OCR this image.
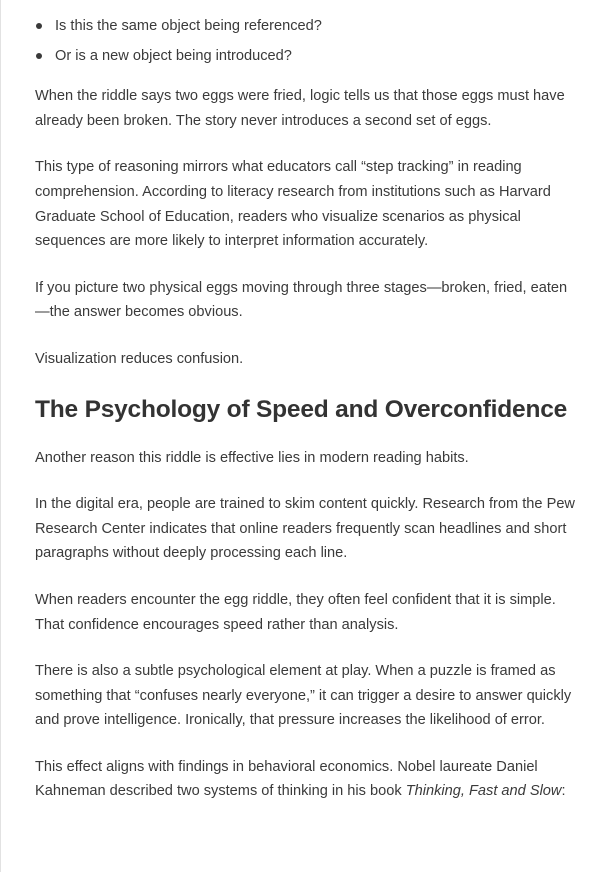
Is this the same object being referenced?
Or is a new object being introduced?

When the riddle says two eggs were fried, logic tells us that those eggs must have already been broken. The story never introduces a second set of eggs.

This type of reasoning mirrors what educators call “step tracking” in reading comprehension. According to literacy research from institutions such as Harvard Graduate School of Education, readers who visualize scenarios as physical sequences are more likely to interpret information accurately.

If you picture two physical eggs moving through three stages—broken, fried, eaten—the answer becomes obvious.

Visualization reduces confusion.

The Psychology of Speed and Overconfidence

Another reason this riddle is effective lies in modern reading habits.

In the digital era, people are trained to skim content quickly. Research from the Pew Research Center indicates that online readers frequently scan headlines and short paragraphs without deeply processing each line.

When readers encounter the egg riddle, they often feel confident that it is simple. That confidence encourages speed rather than analysis.

There is also a subtle psychological element at play. When a puzzle is framed as something that “confuses nearly everyone,” it can trigger a desire to answer quickly and prove intelligence. Ironically, that pressure increases the likelihood of error.

This effect aligns with findings in behavioral economics. Nobel laureate Daniel Kahneman described two systems of thinking in his book Thinking, Fast and Slow:
